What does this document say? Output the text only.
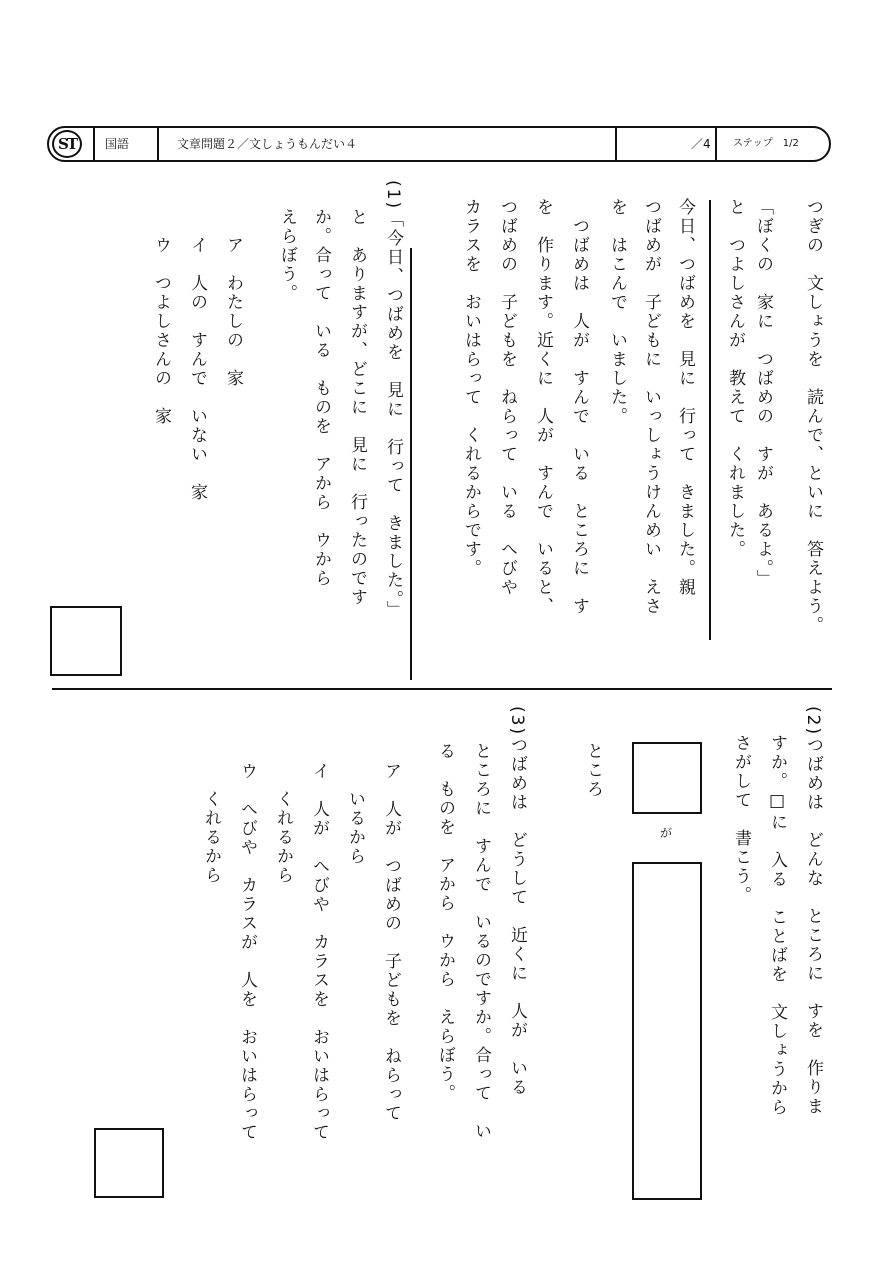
ST	国語	文章問題２／文しょうもんだい４	／4 ステップ　1/2
つぎの　文しょうを　読んで、といに　答えよう。
「ぼくの　家に　つばめの　すが　あるよ。」
と　つよしさんが　教えて　くれました。
今日、つばめを　見に　行って　きました。親
つばめが　子どもに　いっしょうけんめい　えさ
を　はこんで　いました。
　つばめは　人が　すんで　いる　ところに　す
を　作ります。近くに　人が　すんで　いると、
つばめの　子どもを　ねらって　いる　へびや
カラスを　おいはらって　くれるからです。
(1)「今日、つばめを　見に　行って　きました。」
と　ありますが、どこに　見に　行ったのです
か。合って　いる　ものを　アから　ウから
えらぼう。
ア　わたしの　家
イ　人の　すんで　いない　家
ウ　つよしさんの　家
(2)つばめは　どんな　ところに　すを　作りま
すか。□に　入る　ことばを　文しょうから
さがして　書こう。
が
ところ
(3)つばめは　どうして　近くに　人が　いる
ところに　すんで　いるのですか。合って　い
る　ものを　アから　ウから　えらぼう。
ア　人が　つばめの　子どもを　ねらって
いるから
イ　人が　へびや　カラスを　おいはらって
くれるから
ウ　へびや　カラスが　人を　おいはらって
くれるから
